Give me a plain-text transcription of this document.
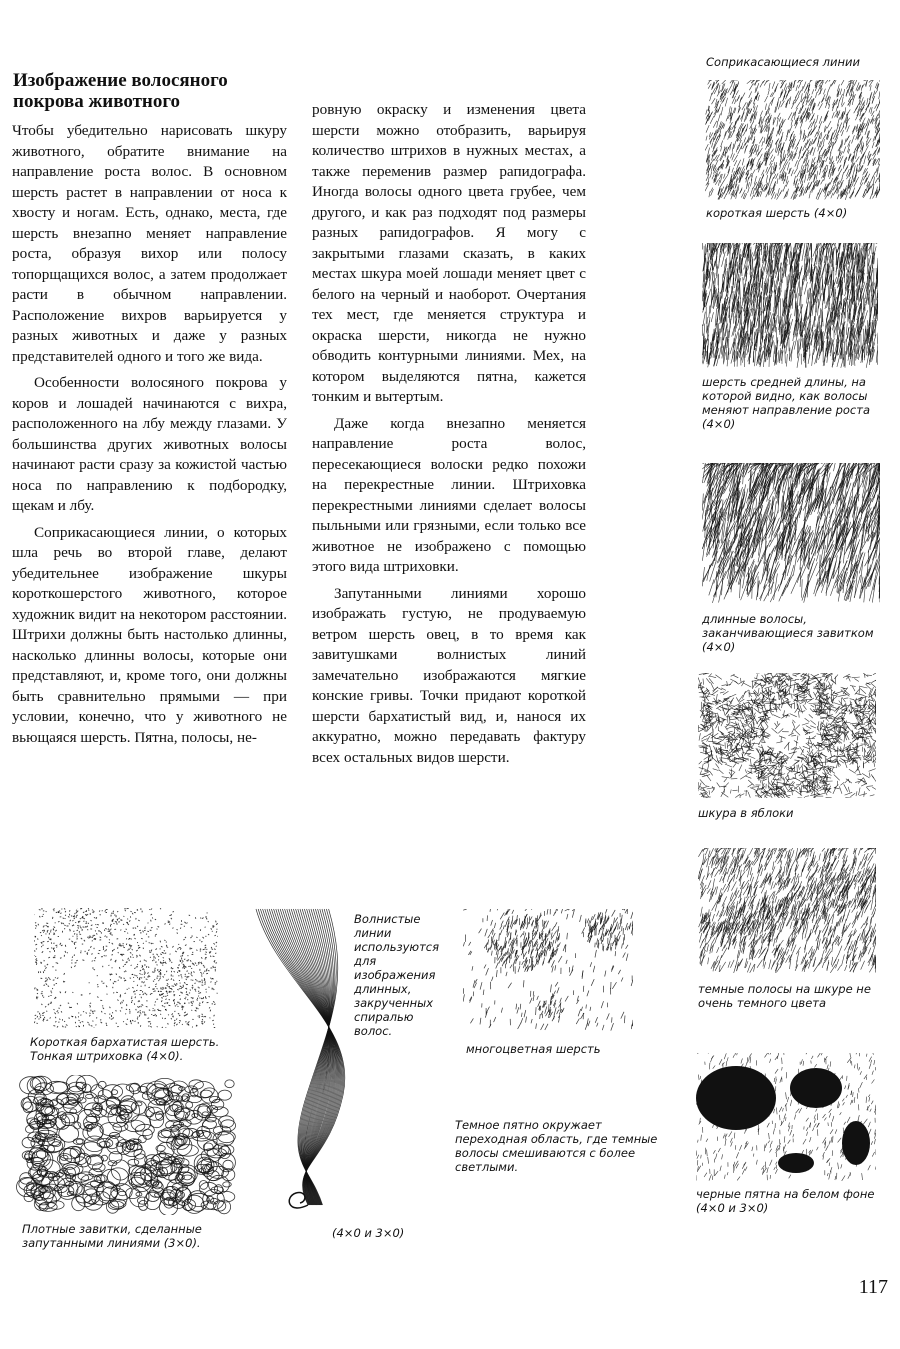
Изображение волосяного покрова животного

Чтобы убедительно нарисовать шкуру животного, обратите внимание на направление роста волос. В основном шерсть растет в направлении от носа к хвосту и ногам. Есть, однако, места, где шерсть внезапно меняет направление роста, образуя вихор или полосу топорщащихся волос, а затем продолжает расти в обычном направлении. Расположение вихров варьируется у разных животных и даже у разных представителей одного и того же вида.

Особенности волосяного покрова у коров и лошадей начинаются с вихра, расположенного на лбу между глазами. У большинства других животных волосы начинают расти сразу за кожистой частью носа по направлению к подбородку, щекам и лбу.

Соприкасающиеся линии, о которых шла речь во второй главе, делают убедительнее изображение шкуры короткошерстого животного, которое художник видит на некотором расстоянии. Штрихи должны быть настолько длинны, насколько длинны волосы, которые они представляют, и, кроме того, они должны быть сравнительно прямыми — при условии, конечно, что у животного не вьющаяся шерсть. Пятна, полосы, не-

ровную окраску и изменения цвета шерсти можно отобразить, варьируя количество штрихов в нужных местах, а также переменив размер рапидографа. Иногда волосы одного цвета грубее, чем другого, и как раз подходят под размеры разных рапидографов. Я могу с закрытыми глазами сказать, в каких местах шкура моей лошади меняет цвет с белого на черный и наоборот. Очертания тех мест, где меняется структура и окраска шерсти, никогда не нужно обводить контурными линиями. Мех, на котором выделяются пятна, кажется тонким и вытертым.

Даже когда внезапно меняется направление роста волос, пересекающиеся волоски редко похожи на перекрестные линии. Штриховка перекрестными линиями сделает волосы пыльными или грязными, если только все животное не изображено с помощью этого вида штриховки.

Запутанными линиями хорошо изображать густую, не продуваемую ветром шерсть овец, в то время как завитушками волнистых линий замечательно изображаются мягкие конские гривы. Точки придают короткой шерсти бархатистый вид, и, нанося их аккуратно, можно передавать фактуру всех остальных видов шерсти.

Соприкасающиеся линии
короткая шерсть (4×0)
шерсть средней длины, на которой видно, как волосы меняют направление роста (4×0)
длинные волосы, заканчивающиеся завитком (4×0)
шкура в яблоки
темные полосы на шкуре не очень темного цвета
черные пятна на белом фоне (4×0 и 3×0)
Короткая бархатистая шерсть. Тонкая штриховка (4×0).
Плотные завитки, сделанные запутанными линиями (3×0).
Волнистые линии используются для изображения длинных, закрученных спиралью волос.
(4×0 и 3×0)
многоцветная шерсть
Темное пятно окружает переходная область, где темные волосы смешиваются с более светлыми.
117
